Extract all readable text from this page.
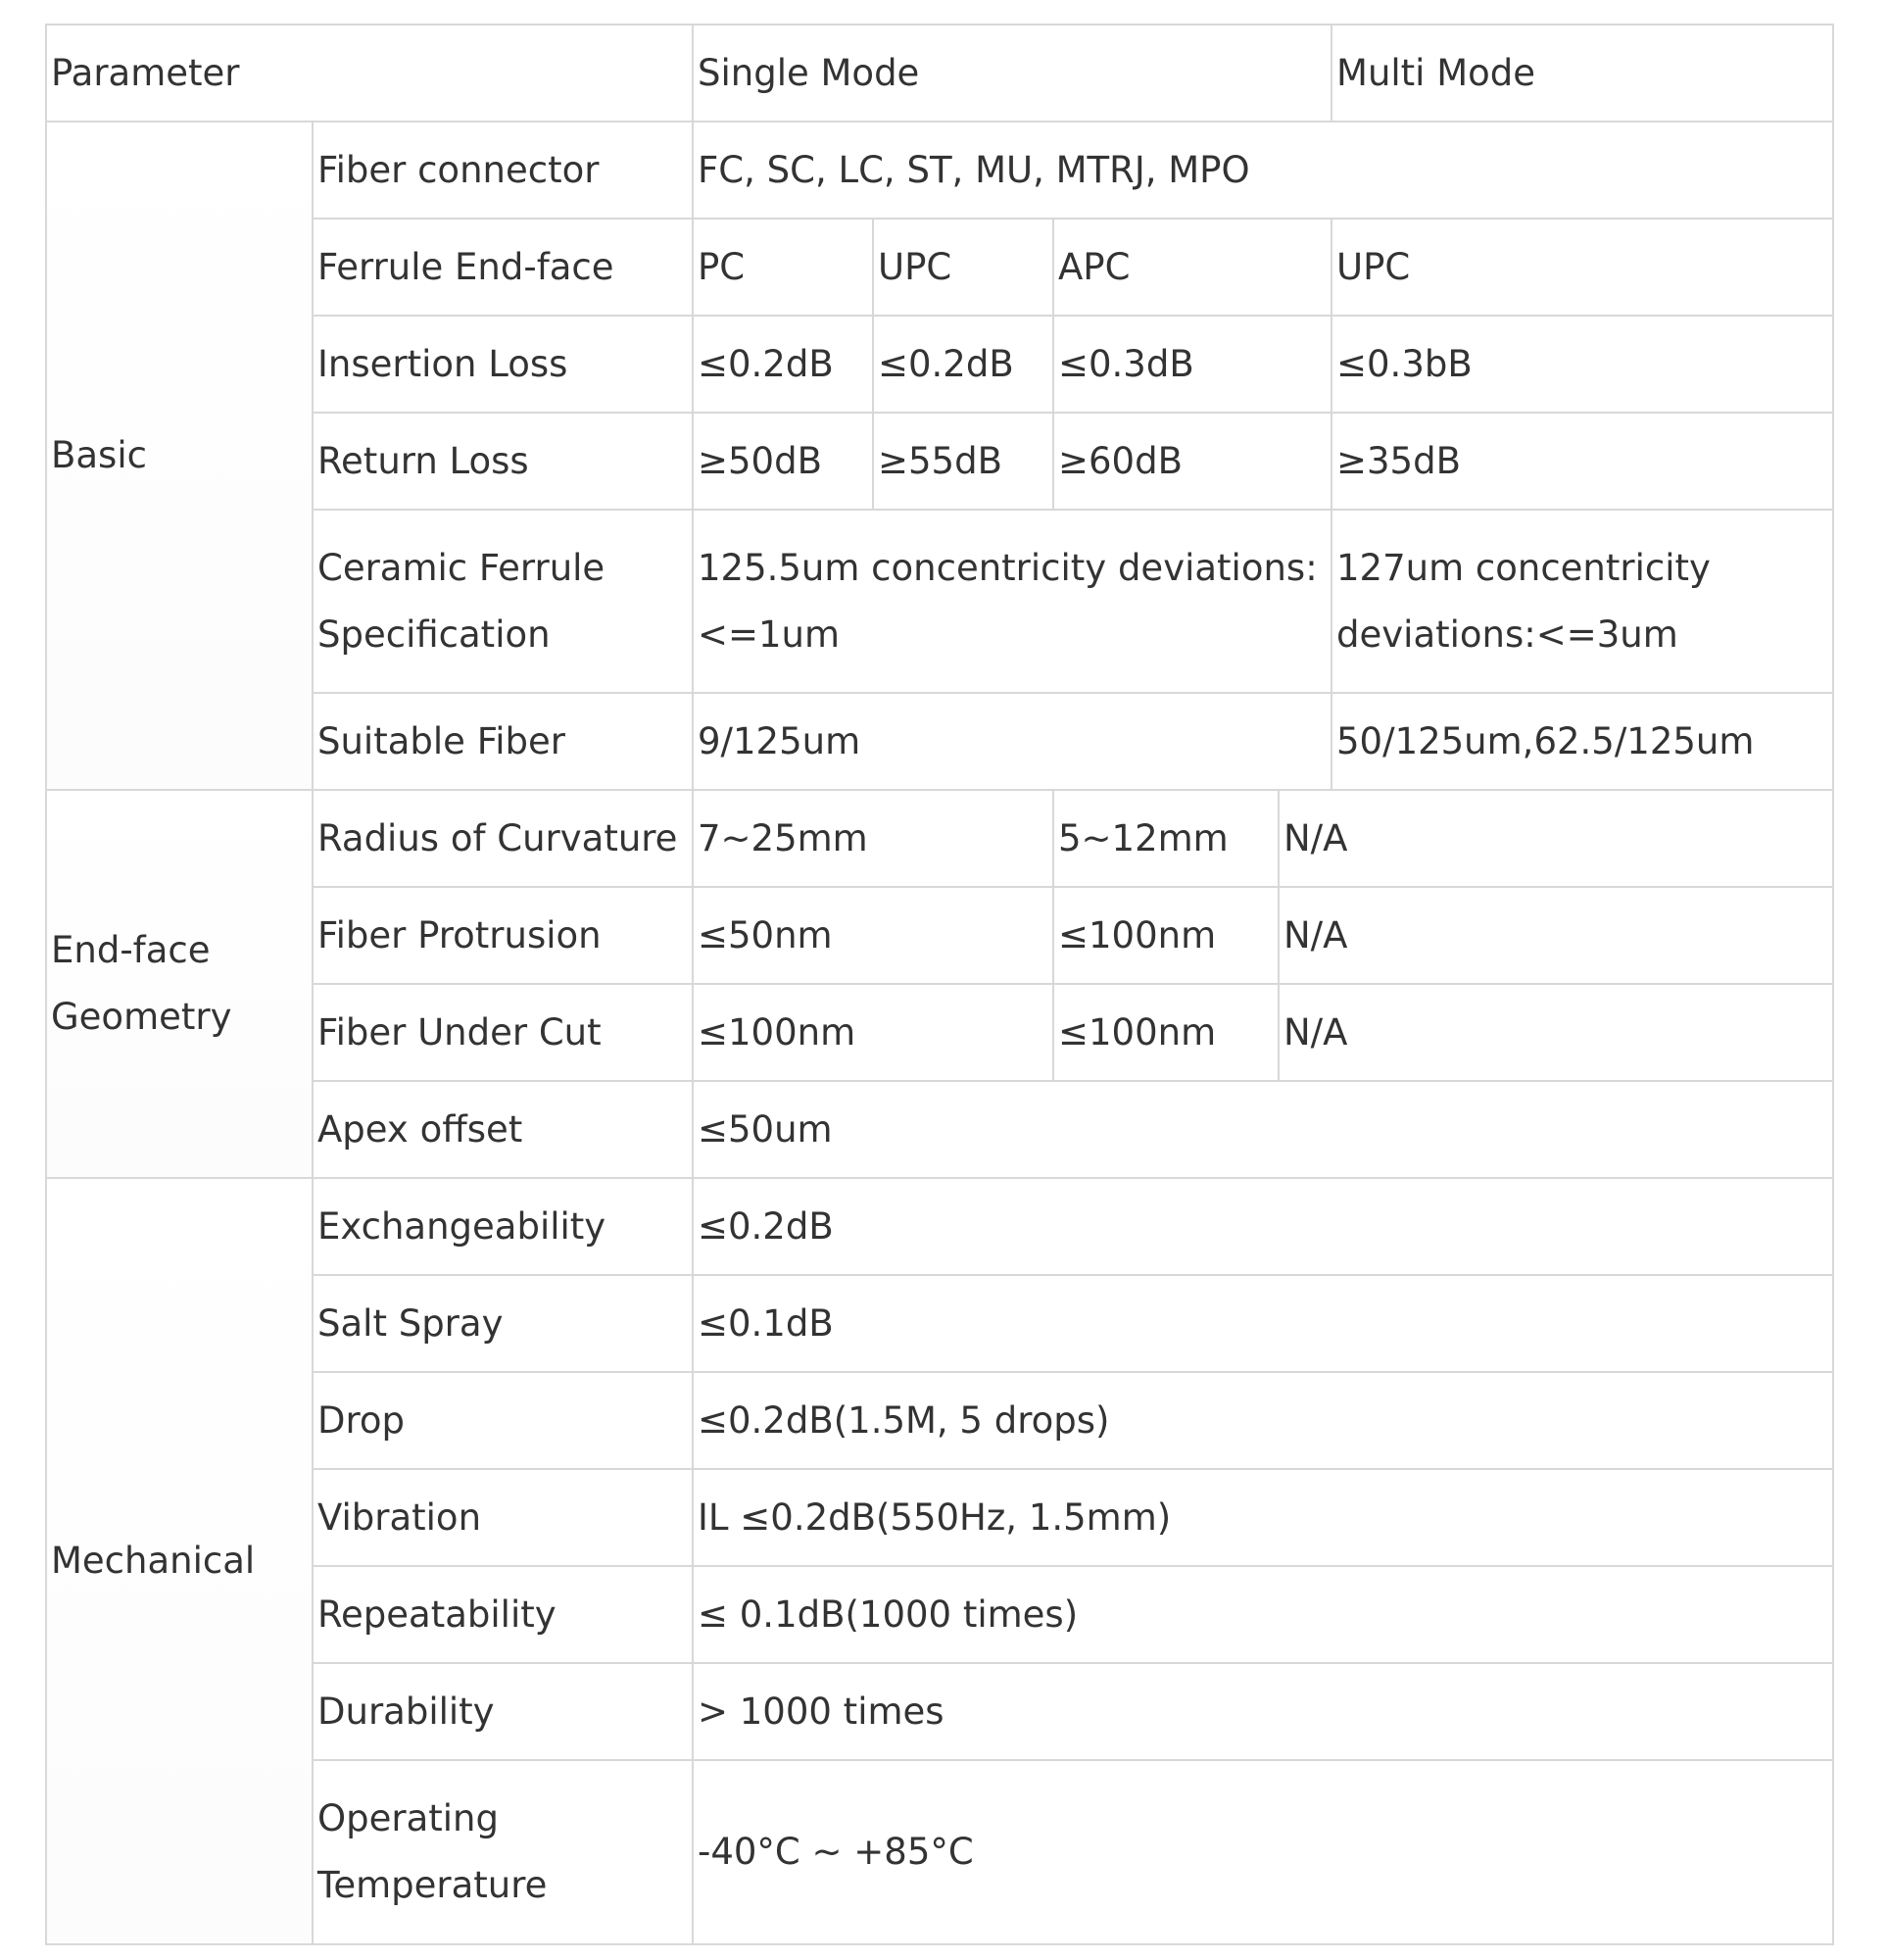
Parameter		Single Mode				Multi Mode
Basic	Fiber connector	FC, SC, LC, ST, MU, MTRJ, MPO				
	Ferrule End-face	PC	UPC	APC		UPC
	Insertion Loss	≤0.2dB	≤0.2dB	≤0.3dB		≤0.3bB
	Return Loss	≥50dB	≥55dB	≥60dB		≥35dB
	Ceramic Ferrule Specification	125.5um concentricity deviations: <=1um				127um concentricity deviations:<=3um
	Suitable Fiber	9/125um				50/125um,62.5/125um
End-face Geometry	Radius of Curvature	7~25mm		5~12mm	N/A	
	Fiber Protrusion	≤50nm		≤100nm	N/A	
	Fiber Under Cut	≤100nm		≤100nm	N/A	
	Apex offset	≤50um				
Mechanical	Exchangeability	≤0.2dB				
	Salt Spray	≤0.1dB				
	Drop	≤0.2dB(1.5M, 5 drops)				
	Vibration	IL ≤0.2dB(550Hz, 1.5mm)				
	Repeatability	≤ 0.1dB(1000 times)				
	Durability	> 1000 times				
	Operating Temperature	-40°C ~ +85°C				
